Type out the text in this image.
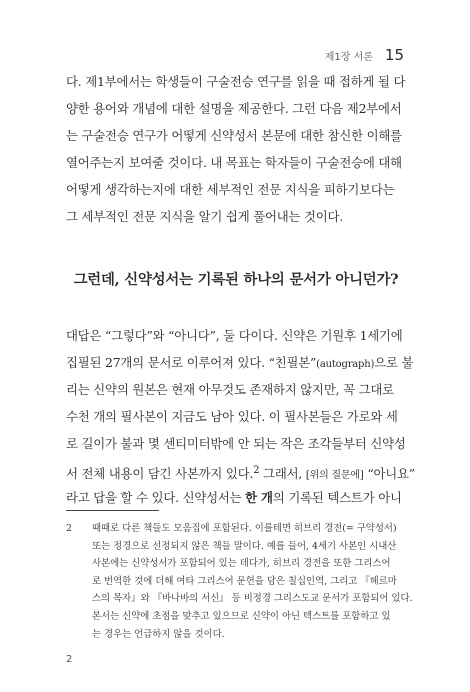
제1장 서론 15
다. 제1부에서는 학생들이 구술전승 연구를 읽을 때 접하게 될 다
양한 용어와 개념에 대한 설명을 제공한다. 그런 다음 제2부에서
는 구술전승 연구가 어떻게 신약성서 본문에 대한 참신한 이해를
열어주는지 보여줄 것이다. 내 목표는 학자들이 구술전승에 대해
어떻게 생각하는지에 대한 세부적인 전문 지식을 피하기보다는
그 세부적인 전문 지식을 알기 쉽게 풀어내는 것이다.
그런데, 신약성서는 기록된 하나의 문서가 아니던가?
대답은 “그렇다”와 “아니다”, 둘 다이다. 신약은 기원후 1세기에
집필된 27개의 문서로 이루어져 있다. “친필본”(autograph)으로 불
리는 신약의 원본은 현재 아무것도 존재하지 않지만, 꼭 그대로
수천 개의 필사본이 지금도 남아 있다. 이 필사본들은 가로와 세
로 길이가 불과 몇 센티미터밖에 안 되는 작은 조각들부터 신약성
서 전체 내용이 담긴 사본까지 있다.$^2$ 그래서, [위의 질문에] “아니요”
라고 답을 할 수 있다. 신약성서는 한 개의 기록된 텍스트가 아니
2	때때로 다른 책들도 모음집에 포함된다. 이를테면 히브리 경전(= 구약성서)
또는 정경으로 선정되지 않은 책들 말이다. 예를 들어, 4세기 사본인 시내산
사본에는 신약성서가 포함되어 있는 데다가, 히브리 경전을 또한 그리스어
로 번역한 것에 더해 여타 그리스어 문헌을 담은 칠십인역, 그리고 『헤르마
스의 목자』와 『바나바의 서신』 등 비정경 그리스도교 문서가 포함되어 있다.
본서는 신약에 초점을 맞추고 있으므로 신약이 아닌 텍스트를 포함하고 있
는 경우는 언급하지 않을 것이다.
2
